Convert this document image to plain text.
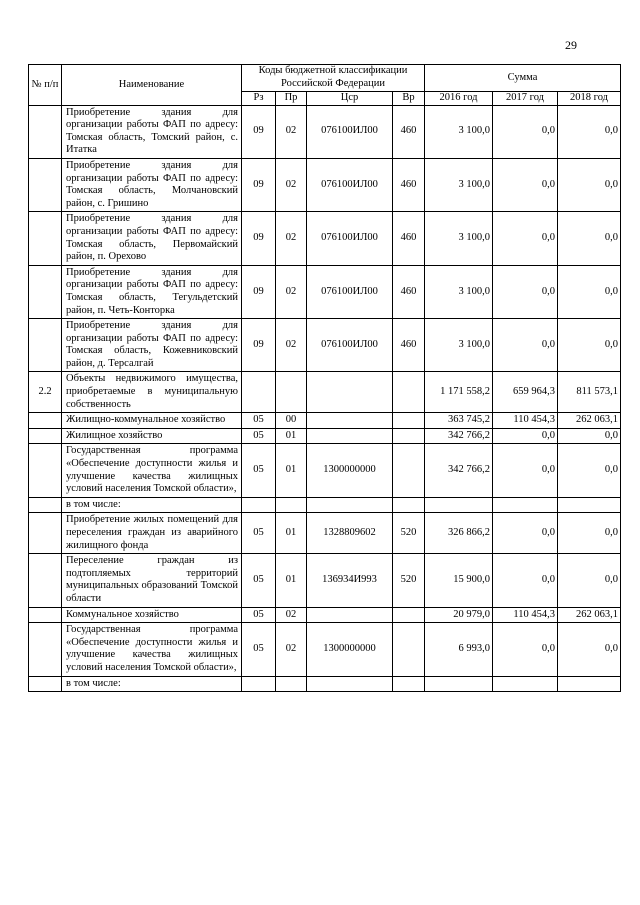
29
№ п/п	Наименование	Коды бюджетной классификации Российской Федерации				Сумма		
		Рз	Пр	Цср	Вр	2016 год	2017 год	2018 год
	Приобретение здания для организации работы ФАП по адресу: Томская область, Томский район, с. Итатка	09	02	076100ИЛ00	460	3 100,0	0,0	0,0
	Приобретение здания для организации работы ФАП по адресу: Томская область, Молчановский район, с. Гришино	09	02	076100ИЛ00	460	3 100,0	0,0	0,0
	Приобретение здания для организации работы ФАП по адресу: Томская область, Первомайский район, п. Орехово	09	02	076100ИЛ00	460	3 100,0	0,0	0,0
	Приобретение здания для организации работы ФАП по адресу: Томская область, Тегульдетский район, п. Четь-Конторка	09	02	076100ИЛ00	460	3 100,0	0,0	0,0
	Приобретение здания для организации работы ФАП по адресу: Томская область, Кожевниковский район, д. Терсалгай	09	02	076100ИЛ00	460	3 100,0	0,0	0,0
2.2	Объекты недвижимого имущества, приобретаемые в муниципальную собственность					1 171 558,2	659 964,3	811 573,1
	Жилищно-коммунальное хозяйство	05	00			363 745,2	110 454,3	262 063,1
	Жилищное хозяйство	05	01			342 766,2	0,0	0,0
	Государственная программа «Обеспечение доступности жилья и улучшение качества жилищных условий населения Томской области»,	05	01	1300000000		342 766,2	0,0	0,0
	в том числе:							
	Приобретение жилых помещений для переселения граждан из аварийного жилищного фонда	05	01	1328809602	520	326 866,2	0,0	0,0
	Переселение граждан из подтопляемых территорий муниципальных образований Томской области	05	01	136934И993	520	15 900,0	0,0	0,0
	Коммунальное хозяйство	05	02			20 979,0	110 454,3	262 063,1
	Государственная программа «Обеспечение доступности жилья и улучшение качества жилищных условий населения Томской области»,	05	02	1300000000		6 993,0	0,0	0,0
	в том числе:							
